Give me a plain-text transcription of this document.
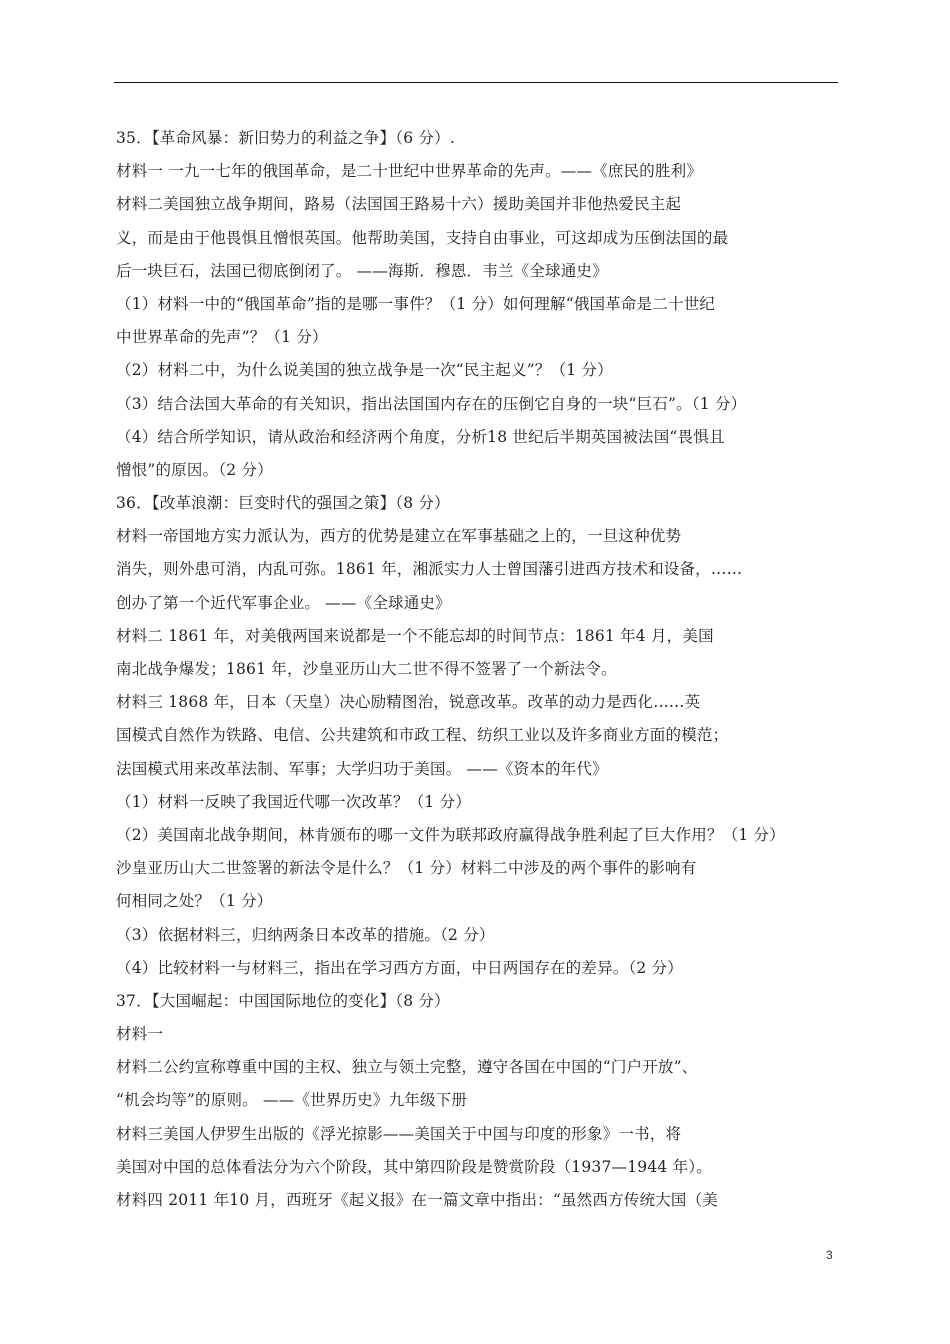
35．【革命风暴：新旧势力的利益之争】（6 分）.
材料一 一九一七年的俄国革命，是二十世纪中世界革命的先声。——《庶民的胜利》
材料二美国独立战争期间，路易（法国国王路易十六）援助美国并非他热爱民主起
义，而是由于他畏惧且憎恨英国。他帮助美国，支持自由事业，可这却成为压倒法国的最
后一块巨石，法国已彻底倒闭了。 ——海斯．穆恩．韦兰《全球通史》
（1）材料一中的“俄国革命”指的是哪一事件？（1 分）如何理解“俄国革命是二十世纪
中世界革命的先声”？（1 分）
（2）材料二中，为什么说美国的独立战争是一次“民主起义”？（1 分）
（3）结合法国大革命的有关知识，指出法国国内存在的压倒它自身的一块“巨石”。（1 分）
（4）结合所学知识，请从政治和经济两个角度，分析18 世纪后半期英国被法国“畏惧且
憎恨”的原因。（2 分）
36．【改革浪潮：巨变时代的强国之策】（8 分）
材料一帝国地方实力派认为，西方的优势是建立在军事基础之上的，一旦这种优势
消失，则外患可消，内乱可弥。1861 年，湘派实力人士曾国藩引进西方技术和设备，……
创办了第一个近代军事企业。 ——《全球通史》
材料二 1861 年，对美俄两国来说都是一个不能忘却的时间节点：1861 年4 月，美国
南北战争爆发；1861 年，沙皇亚历山大二世不得不签署了一个新法令。
材料三 1868 年，日本（天皇）决心励精图治，锐意改革。改革的动力是西化……英
国模式自然作为铁路、电信、公共建筑和市政工程、纺织工业以及许多商业方面的模范；
法国模式用来改革法制、军事；大学归功于美国。 ——《资本的年代》
（1）材料一反映了我国近代哪一次改革？（1 分）
（2）美国南北战争期间，林肯颁布的哪一文件为联邦政府赢得战争胜利起了巨大作用？（1 分）
沙皇亚历山大二世签署的新法令是什么？（1 分）材料二中涉及的两个事件的影响有
何相同之处？（1 分）
（3）依据材料三，归纳两条日本改革的措施。（2 分）
（4）比较材料一与材料三，指出在学习西方方面，中日两国存在的差异。（2 分）
37．【大国崛起：中国国际地位的变化】（8 分）
材料一
材料二公约宣称尊重中国的主权、独立与领土完整，遵守各国在中国的“门户开放”、
“机会均等”的原则。 ——《世界历史》九年级下册
材料三美国人伊罗生出版的《浮光掠影——美国关于中国与印度的形象》一书，将
美国对中国的总体看法分为六个阶段，其中第四阶段是赞赏阶段（1937—1944 年）。
材料四 2011 年10 月，西班牙《起义报》在一篇文章中指出：“虽然西方传统大国（美
3
